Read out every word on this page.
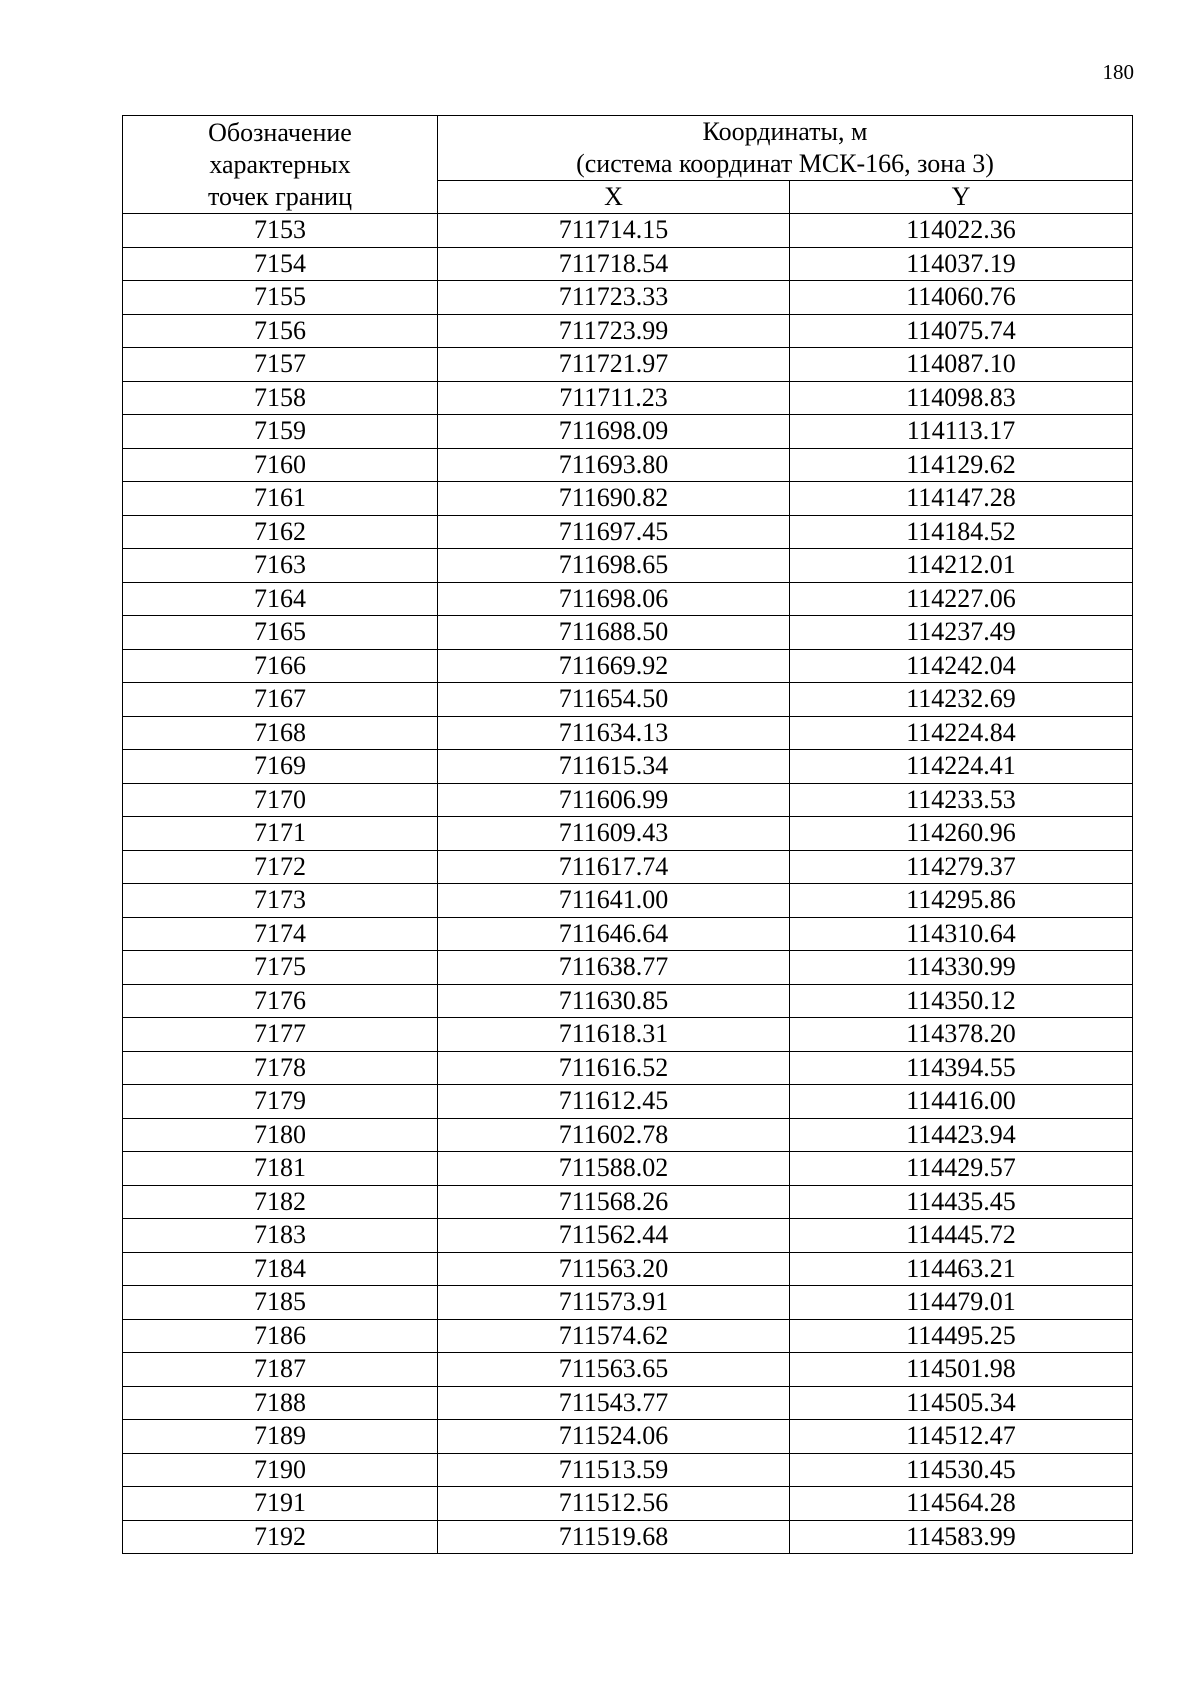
180
Обозначение
характерных
точек границ	Координаты, м
(система координат МСК-166, зона 3)	

	X	Y
7153	711714.15	114022.36
7154	711718.54	114037.19
7155	711723.33	114060.76
7156	711723.99	114075.74
7157	711721.97	114087.10
7158	711711.23	114098.83
7159	711698.09	114113.17
7160	711693.80	114129.62
7161	711690.82	114147.28
7162	711697.45	114184.52
7163	711698.65	114212.01
7164	711698.06	114227.06
7165	711688.50	114237.49
7166	711669.92	114242.04
7167	711654.50	114232.69
7168	711634.13	114224.84
7169	711615.34	114224.41
7170	711606.99	114233.53
7171	711609.43	114260.96
7172	711617.74	114279.37
7173	711641.00	114295.86
7174	711646.64	114310.64
7175	711638.77	114330.99
7176	711630.85	114350.12
7177	711618.31	114378.20
7178	711616.52	114394.55
7179	711612.45	114416.00
7180	711602.78	114423.94
7181	711588.02	114429.57
7182	711568.26	114435.45
7183	711562.44	114445.72
7184	711563.20	114463.21
7185	711573.91	114479.01
7186	711574.62	114495.25
7187	711563.65	114501.98
7188	711543.77	114505.34
7189	711524.06	114512.47
7190	711513.59	114530.45
7191	711512.56	114564.28
7192	711519.68	114583.99
